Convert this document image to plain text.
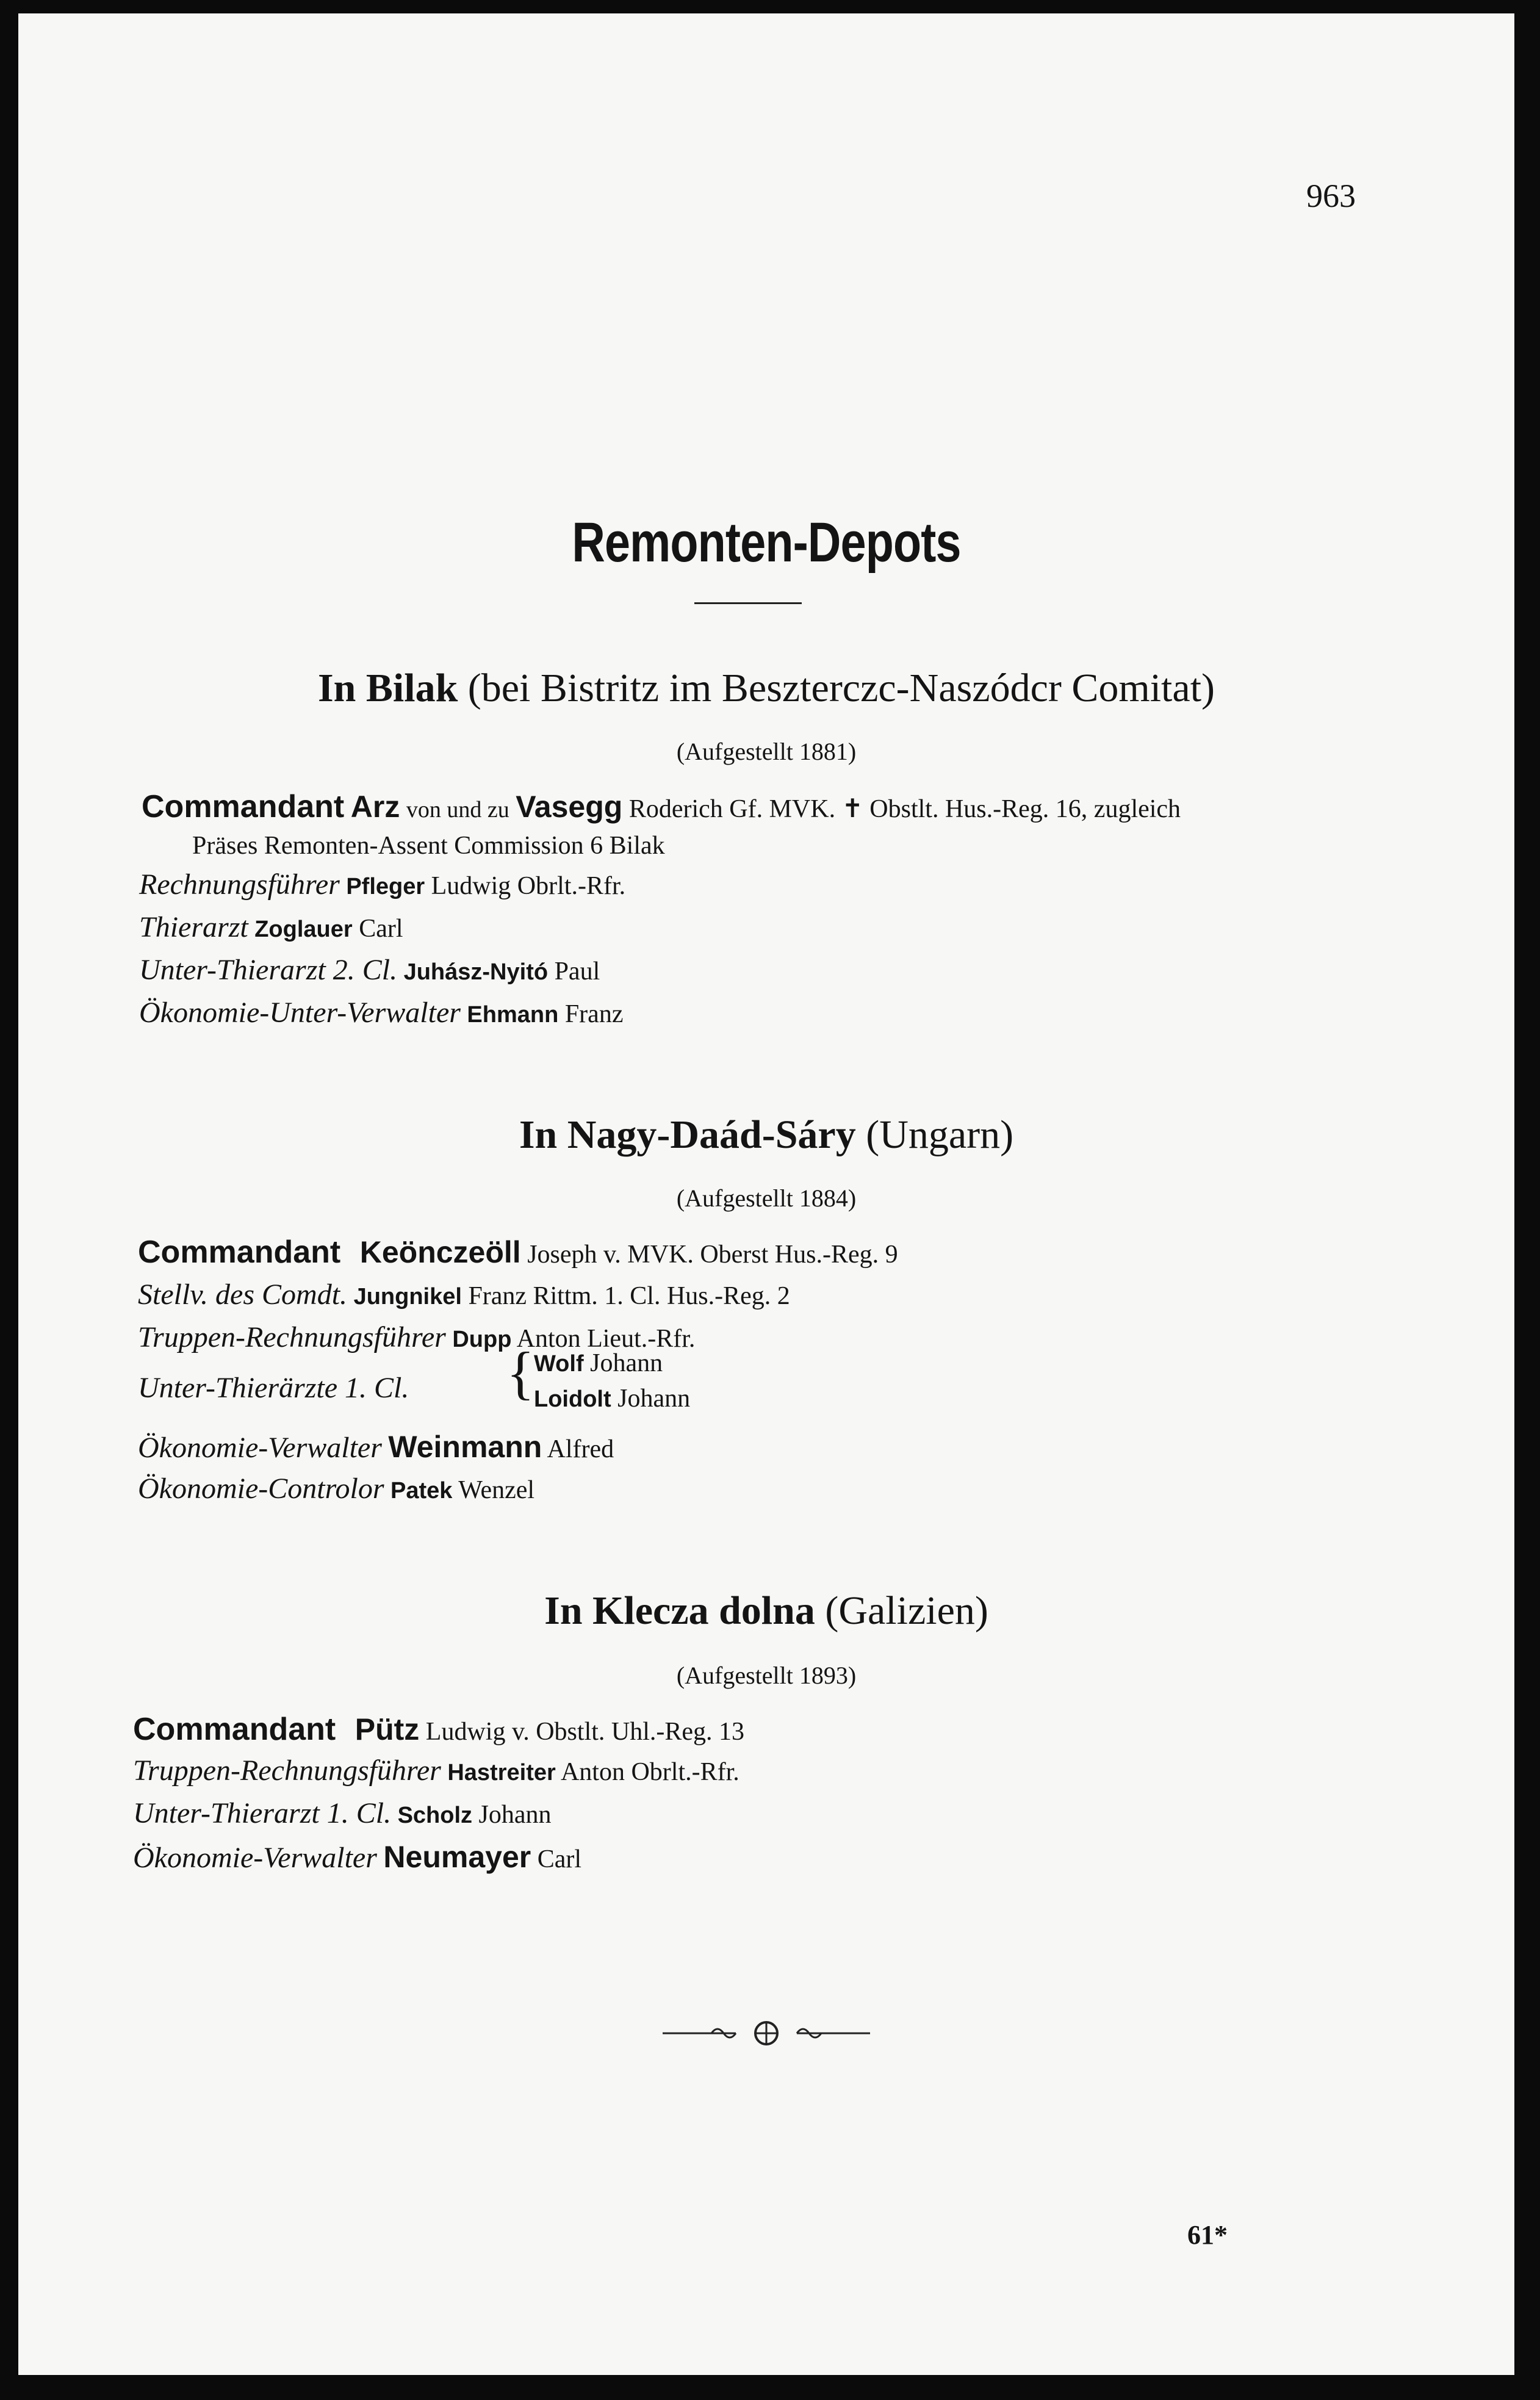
963
Remonten-Depots
In Bilak (bei Bistritz im Beszterczc-Naszódcr Comitat)
(Aufgestellt 1881)
Commandant Arz von und zu Vasegg Roderich Gf. MVK. ✝ Obstlt. Hus.-Reg. 16, zugleich
Präses Remonten-Assent Commission 6 Bilak
Rechnungsführer Pfleger Ludwig Obrlt.-Rfr.
Thierarzt Zoglauer Carl
Unter-Thierarzt 2. Cl. Juhász-Nyitó Paul
Ökonomie-Unter-Verwalter Ehmann Franz
In Nagy-Daád-Sáry (Ungarn)
(Aufgestellt 1884)
Commandant Keönczeöll Joseph v. MVK. Oberst Hus.-Reg. 9
Stellv. des Comdt. Jungnikel Franz Rittm. 1. Cl. Hus.-Reg. 2
Truppen-Rechnungsführer Dupp Anton Lieut.-Rfr.
Unter-Thierärzte 1. Cl. {
Wolf Johann
Loidolt Johann
Ökonomie-Verwalter Weinmann Alfred
Ökonomie-Controlor Patek Wenzel
In Klecza dolna (Galizien)
(Aufgestellt 1893)
Commandant Pütz Ludwig v. Obstlt. Uhl.-Reg. 13
Truppen-Rechnungsführer Hastreiter Anton Obrlt.-Rfr.
Unter-Thierarzt 1. Cl. Scholz Johann
Ökonomie-Verwalter Neumayer Carl
61*
